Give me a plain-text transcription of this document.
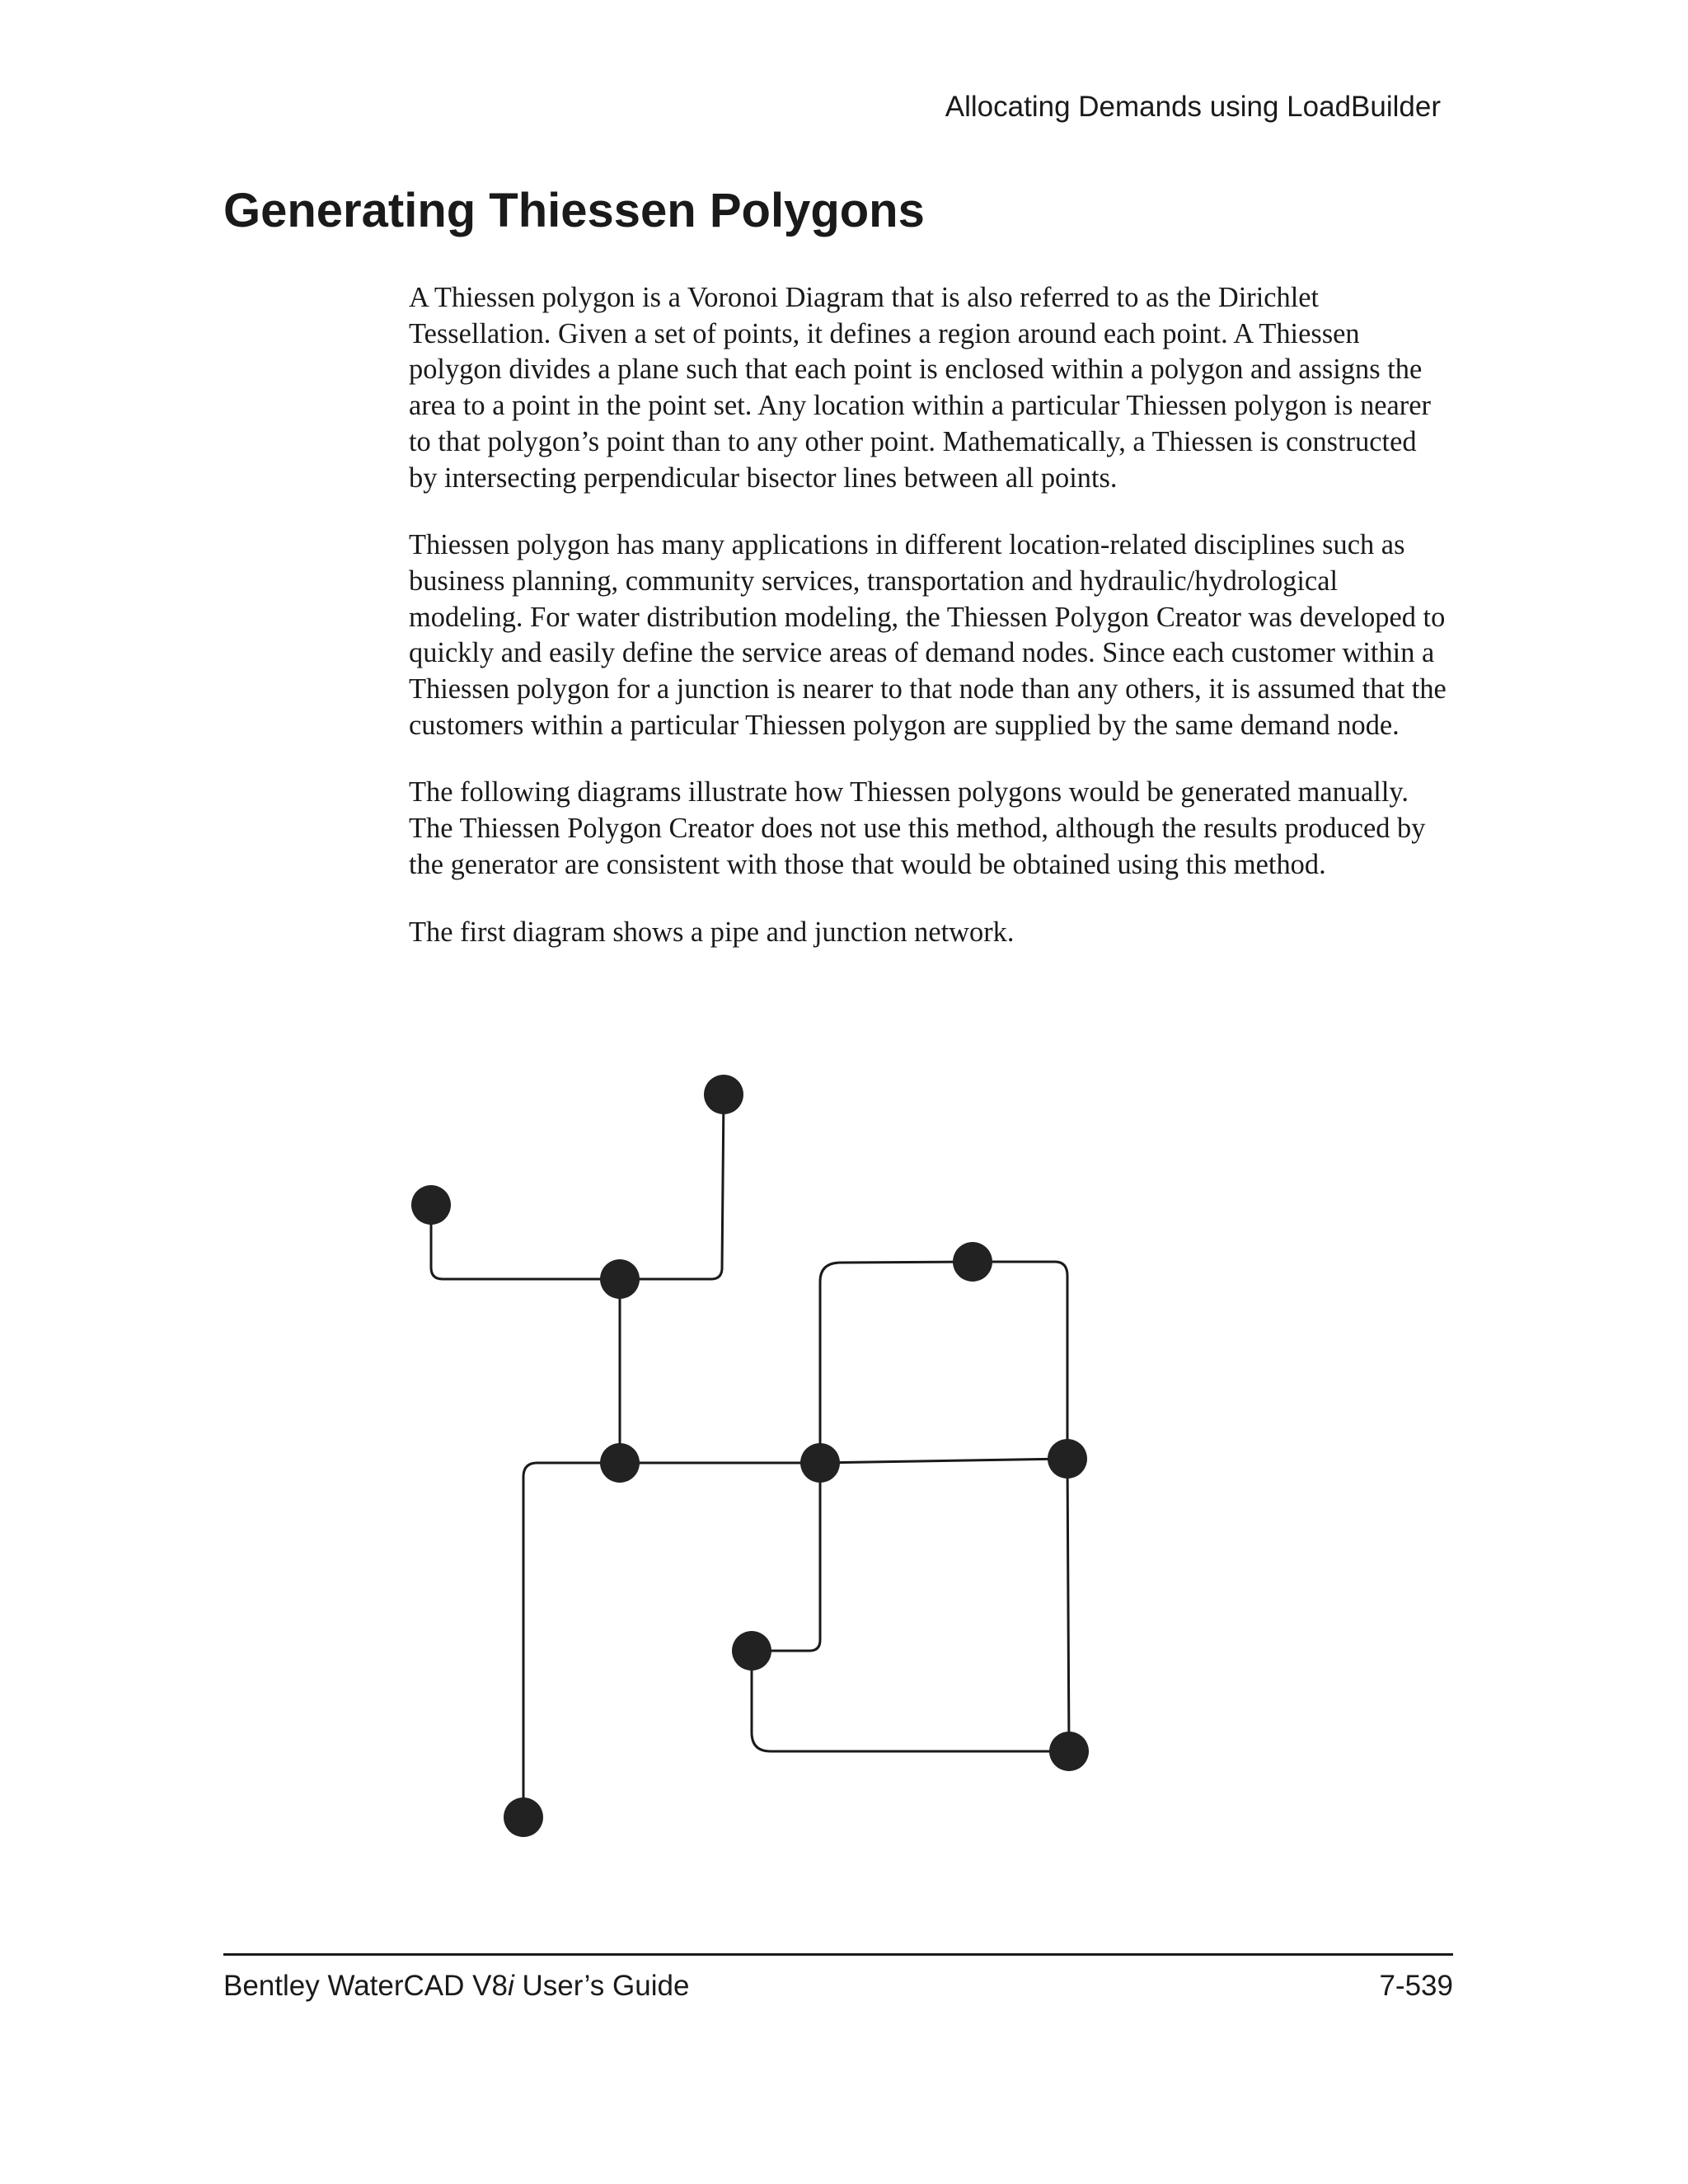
Allocating Demands using LoadBuilder
Generating Thiessen Polygons

A Thiessen polygon is a Voronoi Diagram that is also referred to as the Dirichlet Tessellation. Given a set of points, it defines a region around each point. A Thiessen polygon divides a plane such that each point is enclosed within a polygon and assigns the area to a point in the point set. Any location within a particular Thiessen polygon is nearer to that polygon’s point than to any other point. Mathematically, a Thiessen is constructed by intersecting perpendicular bisector lines between all points.

Thiessen polygon has many applications in different location-related disciplines such as business planning, community services, transportation and hydraulic/hydrological modeling. For water distribution modeling, the Thiessen Polygon Creator was developed to quickly and easily define the service areas of demand nodes. Since each customer within a Thiessen polygon for a junction is nearer to that node than any others, it is assumed that the customers within a particular Thiessen polygon are supplied by the same demand node.

The following diagrams illustrate how Thiessen polygons would be generated manually. The Thiessen Polygon Creator does not use this method, although the results produced by the generator are consistent with those that would be obtained using this method.

The first diagram shows a pipe and junction network.

Bentley WaterCAD V8i User’s Guide	7-539
